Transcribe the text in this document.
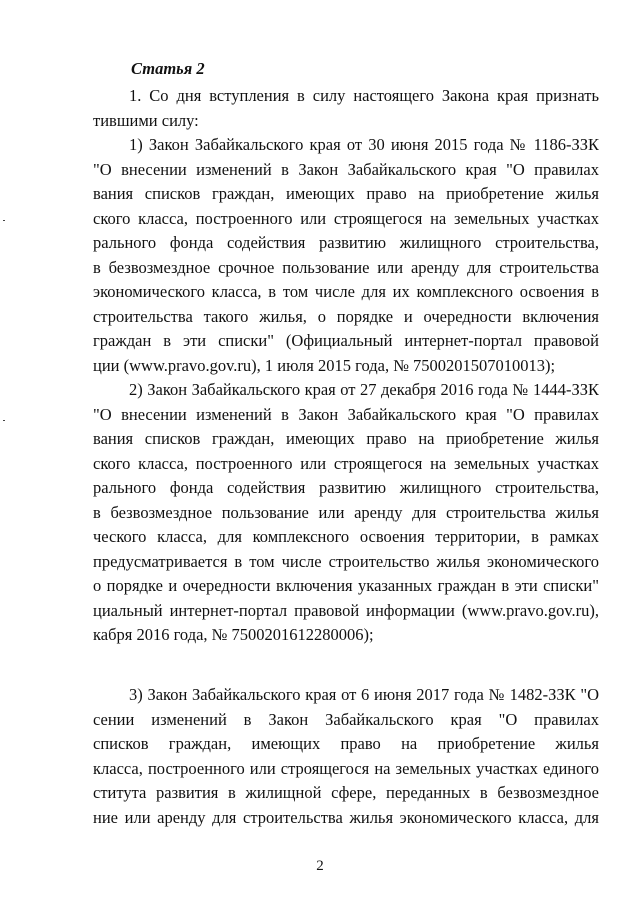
Статья 2
1. Со дня вступления в силу настоящего Закона края признать
тившими силу:
1) Закон Забайкальского края от 30 июня 2015 года № 1186-ЗЗК
"О внесении изменений в Закон Забайкальского края "О правилах
вания списков граждан, имеющих право на приобретение жилья
ского класса, построенного или строящегося на земельных участках
рального фонда содействия развитию жилищного строительства,
в безвозмездное срочное пользование или аренду для строительства
экономического класса, в том числе для их комплексного освоения в
строительства такого жилья, о порядке и очередности включения
граждан в эти списки" (Официальный интернет-портал правовой
ции (www.pravo.gov.ru), 1 июля 2015 года, № 7500201507010013);
2) Закон Забайкальского края от 27 декабря 2016 года № 1444-ЗЗК
"О внесении изменений в Закон Забайкальского края "О правилах
вания списков граждан, имеющих право на приобретение жилья
ского класса, построенного или строящегося на земельных участках
рального фонда содействия развитию жилищного строительства,
в безвозмездное пользование или аренду для строительства жилья
ческого класса, для комплексного освоения территории, в рамках
предусматривается в том числе строительство жилья экономического
о порядке и очередности включения указанных граждан в эти списки"
циальный интернет-портал правовой информации (www.pravo.gov.ru),
кабря 2016 года, № 7500201612280006);
3) Закон Забайкальского края от 6 июня 2017 года № 1482-ЗЗК "О
сении изменений в Закон Забайкальского края "О правилах
списков граждан, имеющих право на приобретение жилья
класса, построенного или строящегося на земельных участках единого
ститута развития в жилищной сфере, переданных в безвозмездное
ние или аренду для строительства жилья экономического класса, для
2
